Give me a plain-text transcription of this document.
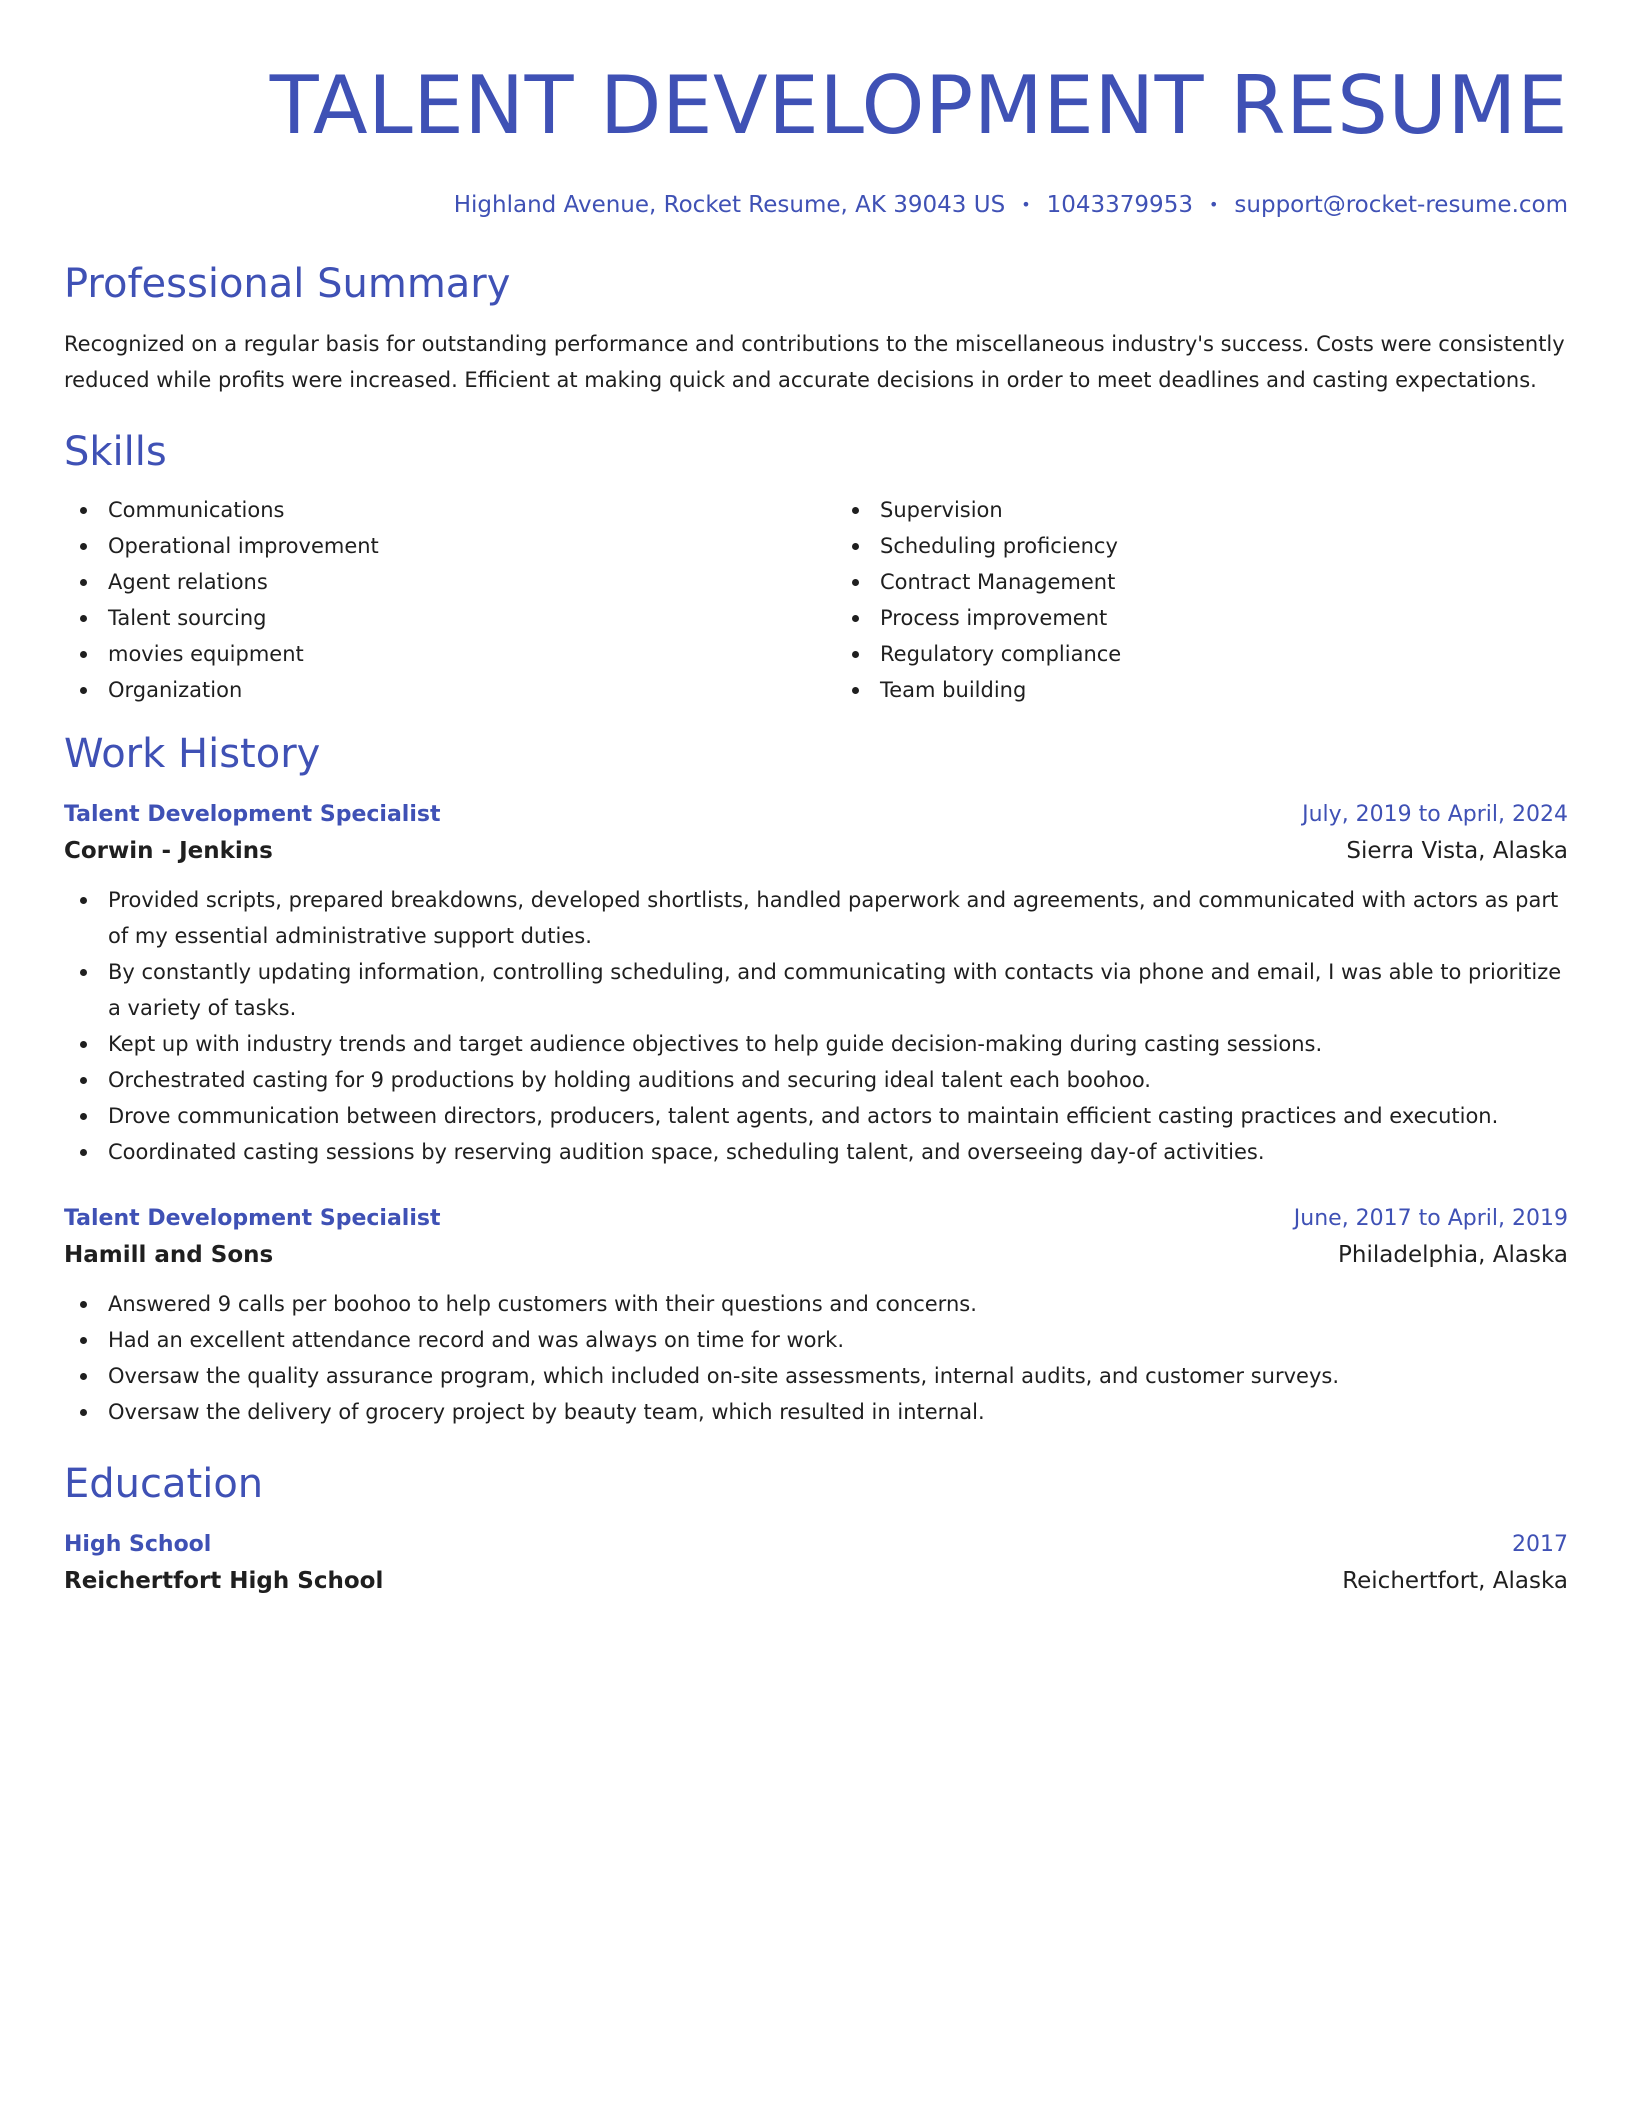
TALENT DEVELOPMENT RESUME
Highland Avenue, Rocket Resume, AK 39043 US • 1043379953 • support@rocket-resume.com
Professional Summary

Recognized on a regular basis for outstanding performance and contributions to the miscellaneous industry's success. Costs were consistently reduced while profits were increased. Efficient at making quick and accurate decisions in order to meet deadlines and casting expectations.

Skills
Communications
Operational improvement
Agent relations
Talent sourcing
movies equipment
Organization
Supervision
Scheduling proficiency
Contract Management
Process improvement
Regulatory compliance
Team building
Work History
Talent Development Specialist	July, 2019 to April, 2024
Corwin - Jenkins	Sierra Vista, Alaska
Provided scripts, prepared breakdowns, developed shortlists, handled paperwork and agreements, and communicated with actors as part of my essential administrative support duties.
By constantly updating information, controlling scheduling, and communicating with contacts via phone and email, I was able to prioritize a variety of tasks.
Kept up with industry trends and target audience objectives to help guide decision-making during casting sessions.
Orchestrated casting for 9 productions by holding auditions and securing ideal talent each boohoo.
Drove communication between directors, producers, talent agents, and actors to maintain efficient casting practices and execution.
Coordinated casting sessions by reserving audition space, scheduling talent, and overseeing day-of activities.
Talent Development Specialist	June, 2017 to April, 2019
Hamill and Sons	Philadelphia, Alaska
Answered 9 calls per boohoo to help customers with their questions and concerns.
Had an excellent attendance record and was always on time for work.
Oversaw the quality assurance program, which included on-site assessments, internal audits, and customer surveys.
Oversaw the delivery of grocery project by beauty team, which resulted in internal.
Education
High School	2017
Reichertfort High School	Reichertfort, Alaska
